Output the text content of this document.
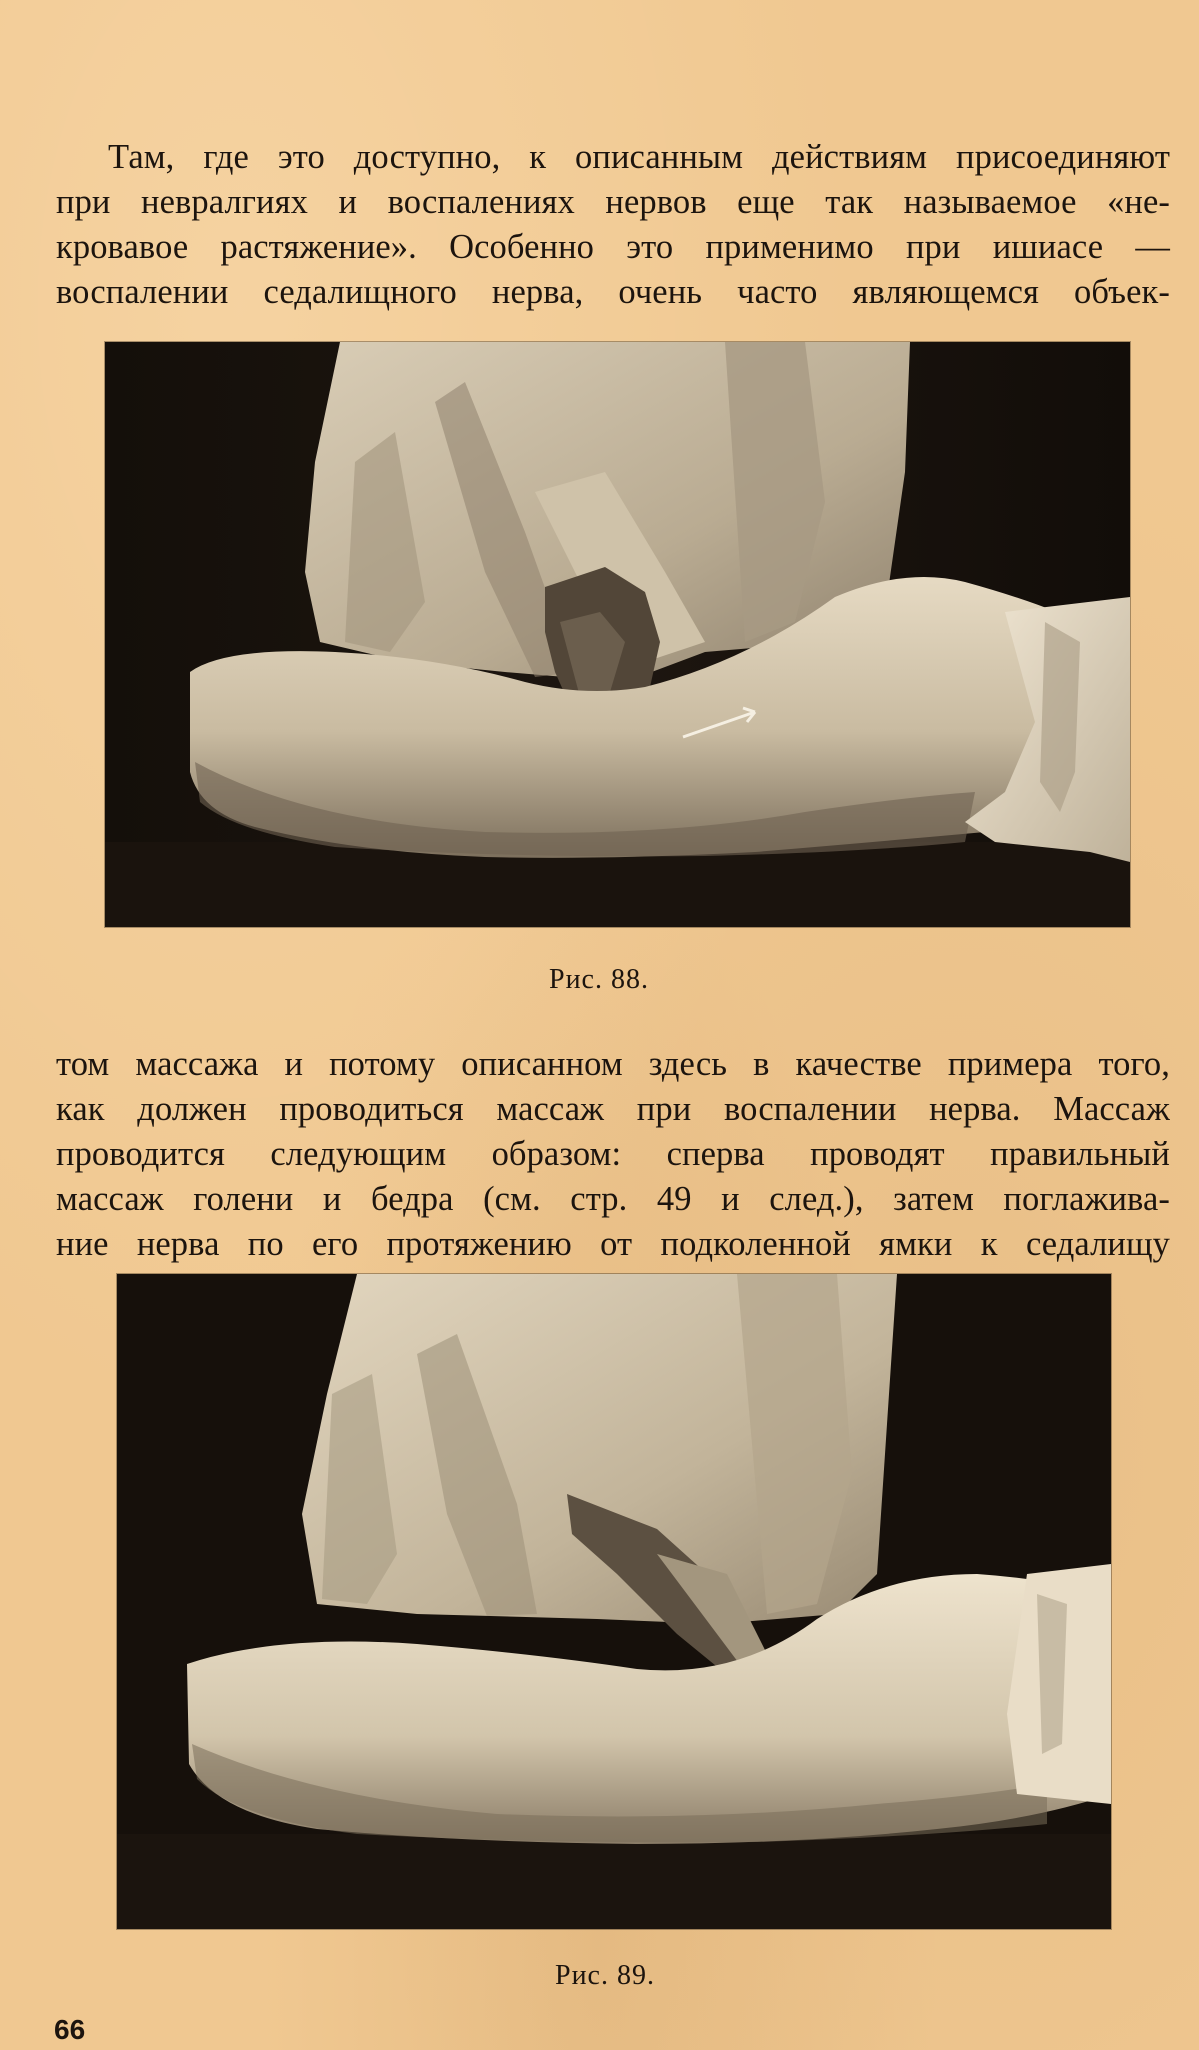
Там, где это доступно, к описанным действиям присоединяют
при невралгиях и воспалениях нервов еще так называемое «не-
кровавое растяжение». Особенно это применимо при ишиасе —
воспалении седалищного нерва, очень часто являющемся объек-

Рис. 88.

том массажа и потому описанном здесь в качестве примера того,
как должен проводиться массаж при воспалении нерва. Массаж
проводится следующим образом: сперва проводят правильный
массаж голени и бедра (см. стр. 49 и след.), затем поглажива-
ние нерва по его протяжению от подколенной ямки к седалищу

Рис. 89.

66
